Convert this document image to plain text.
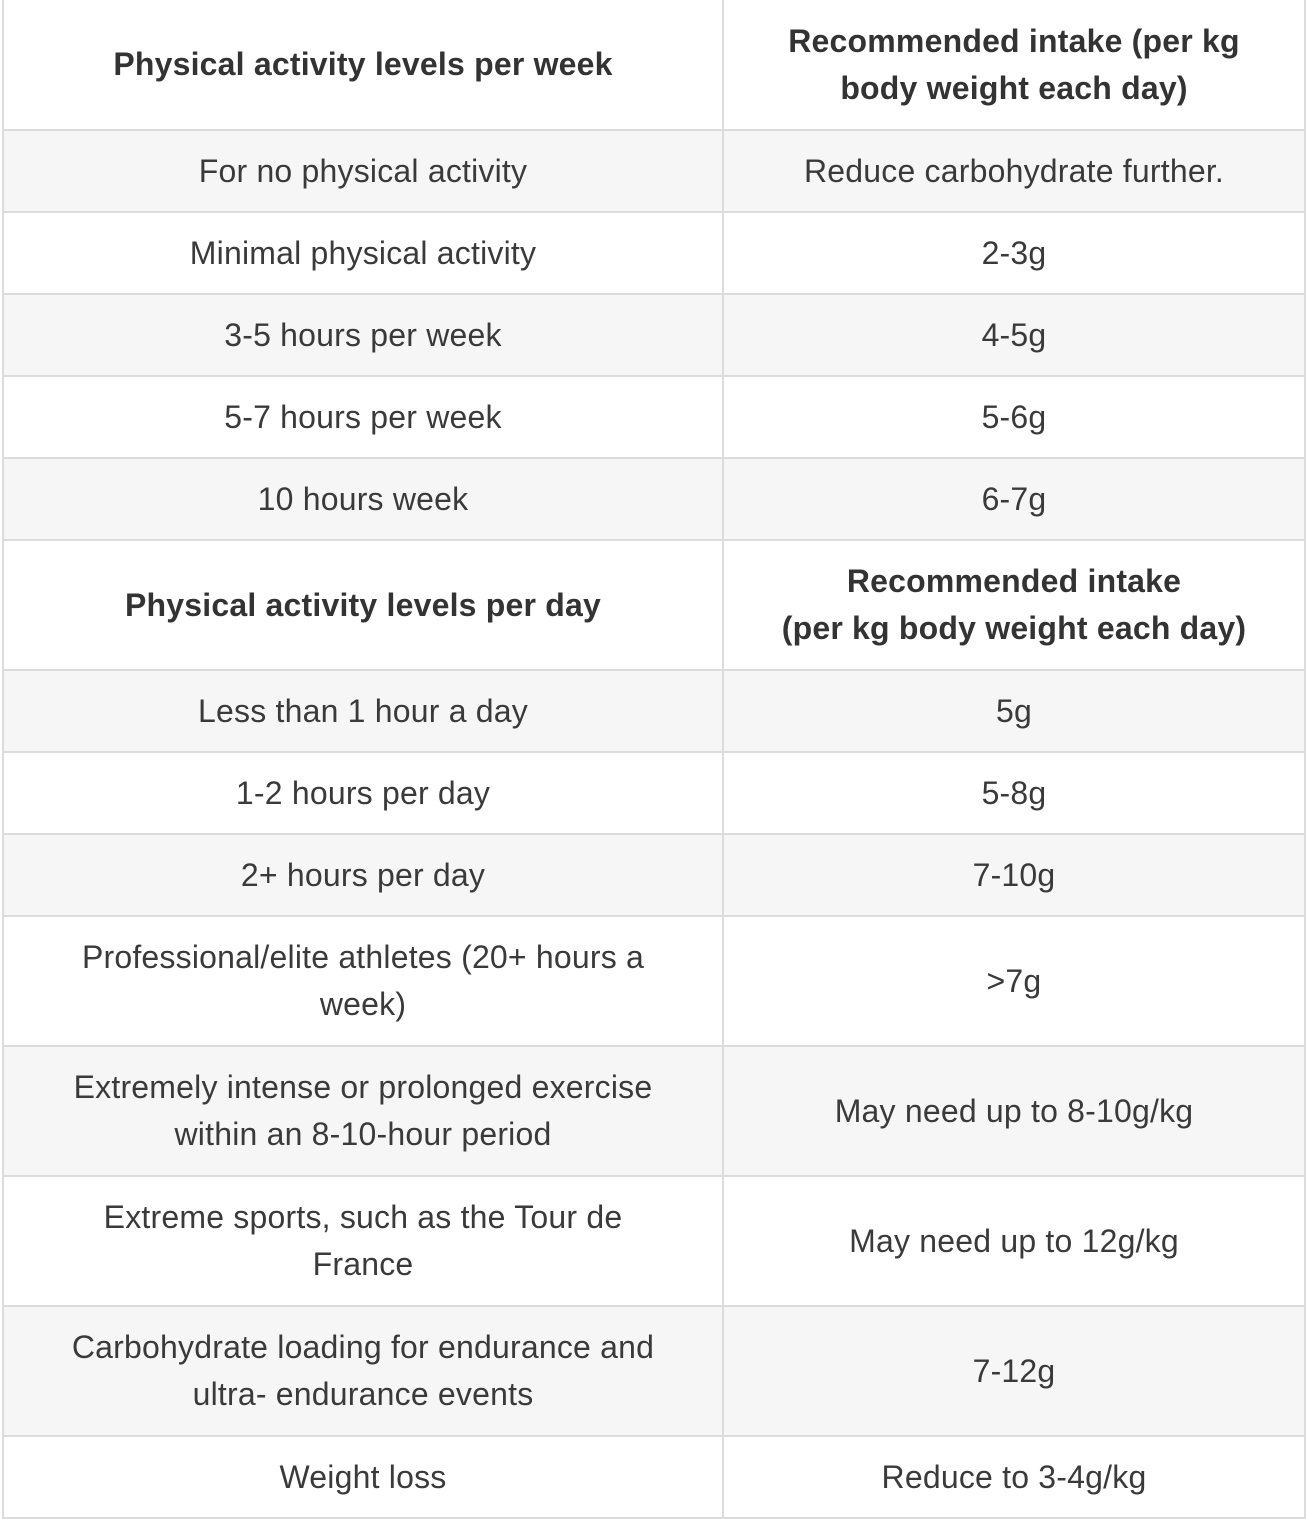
Physical activity levels per week	Recommended intake (per kg
body weight each day)

For no physical activity	Reduce carbohydrate further.
Minimal physical activity	2-3g
3-5 hours per week	4-5g
5-7 hours per week	5-6g
10 hours week	6-7g

Physical activity levels per day	Recommended intake
(per kg body weight each day)

Less than 1 hour a day	5g
1-2 hours per day	5-8g
2+ hours per day	7-10g
Professional/elite athletes (20+ hours a
week)	>7g
Extremely intense or prolonged exercise
within an 8-10-hour period	May need up to 8-10g/kg
Extreme sports, such as the Tour de
France	May need up to 12g/kg
Carbohydrate loading for endurance and
ultra- endurance events	7-12g
Weight loss	Reduce to 3-4g/kg
